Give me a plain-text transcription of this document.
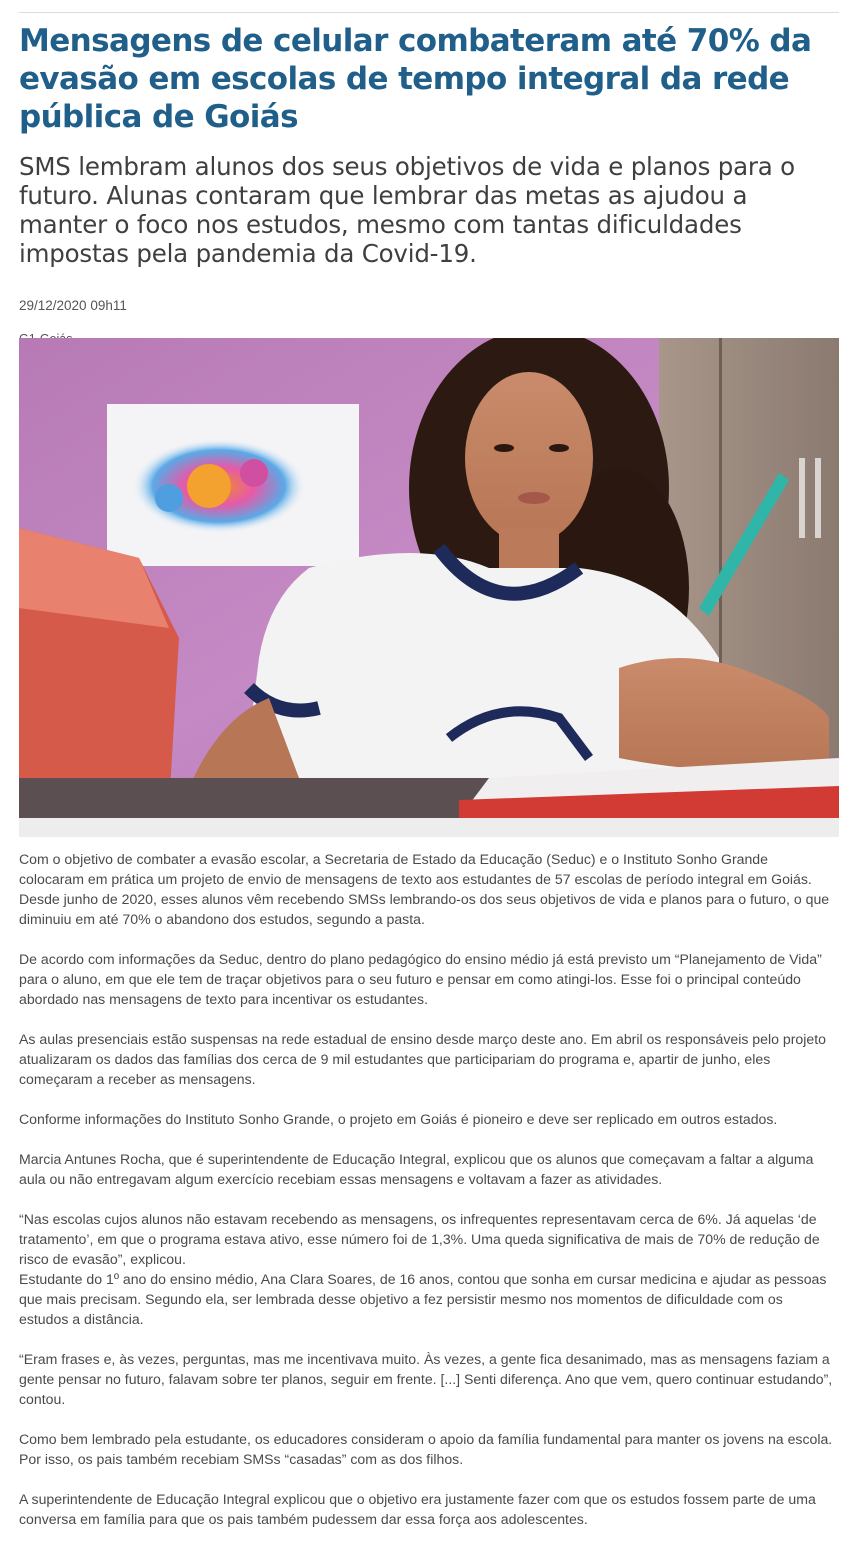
Mensagens de celular combateram até 70% da evasão em escolas de tempo integral da rede pública de Goiás
SMS lembram alunos dos seus objetivos de vida e planos para o futuro. Alunas contaram que lembrar das metas as ajudou a manter o foco nos estudos, mesmo com tantas dificuldades impostas pela pandemia da Covid-19.
29/12/2020 09h11

Com o objetivo de combater a evasão escolar, a Secretaria de Estado da Educação (Seduc) e o Instituto Sonho Grande colocaram em prática um projeto de envio de mensagens de texto aos estudantes de 57 escolas de período integral em Goiás. Desde junho de 2020, esses alunos vêm recebendo SMSs lembrando-os dos seus objetivos de vida e planos para o futuro, o que diminuiu em até 70% o abandono dos estudos, segundo a pasta.

De acordo com informações da Seduc, dentro do plano pedagógico do ensino médio já está previsto um “Planejamento de Vida” para o aluno, em que ele tem de traçar objetivos para o seu futuro e pensar em como atingi-los. Esse foi o principal conteúdo abordado nas mensagens de texto para incentivar os estudantes.

As aulas presenciais estão suspensas na rede estadual de ensino desde março deste ano. Em abril os responsáveis pelo projeto atualizaram os dados das famílias dos cerca de 9 mil estudantes que participariam do programa e, apartir de junho, eles começaram a receber as mensagens.

Conforme informações do Instituto Sonho Grande, o projeto em Goiás é pioneiro e deve ser replicado em outros estados.

Marcia Antunes Rocha, que é superintendente de Educação Integral, explicou que os alunos que começavam a faltar a alguma aula ou não entregavam algum exercício recebiam essas mensagens e voltavam a fazer as atividades.

“Nas escolas cujos alunos não estavam recebendo as mensagens, os infrequentes representavam cerca de 6%. Já aquelas ‘de tratamento’, em que o programa estava ativo, esse número foi de 1,3%. Uma queda significativa de mais de 70% de redução de risco de evasão”, explicou.

Estudante do 1º ano do ensino médio, Ana Clara Soares, de 16 anos, contou que sonha em cursar medicina e ajudar as pessoas que mais precisam. Segundo ela, ser lembrada desse objetivo a fez persistir mesmo nos momentos de dificuldade com os estudos a distância.

“Eram frases e, às vezes, perguntas, mas me incentivava muito. Às vezes, a gente fica desanimado, mas as mensagens faziam a gente pensar no futuro, falavam sobre ter planos, seguir em frente. [...] Senti diferença. Ano que vem, quero continuar estudando”, contou.

Como bem lembrado pela estudante, os educadores consideram o apoio da família fundamental para manter os jovens na escola. Por isso, os pais também recebiam SMSs “casadas” com as dos filhos.

A superintendente de Educação Integral explicou que o objetivo era justamente fazer com que os estudos fossem parte de uma conversa em família para que os pais também pudessem dar essa força aos adolescentes.
